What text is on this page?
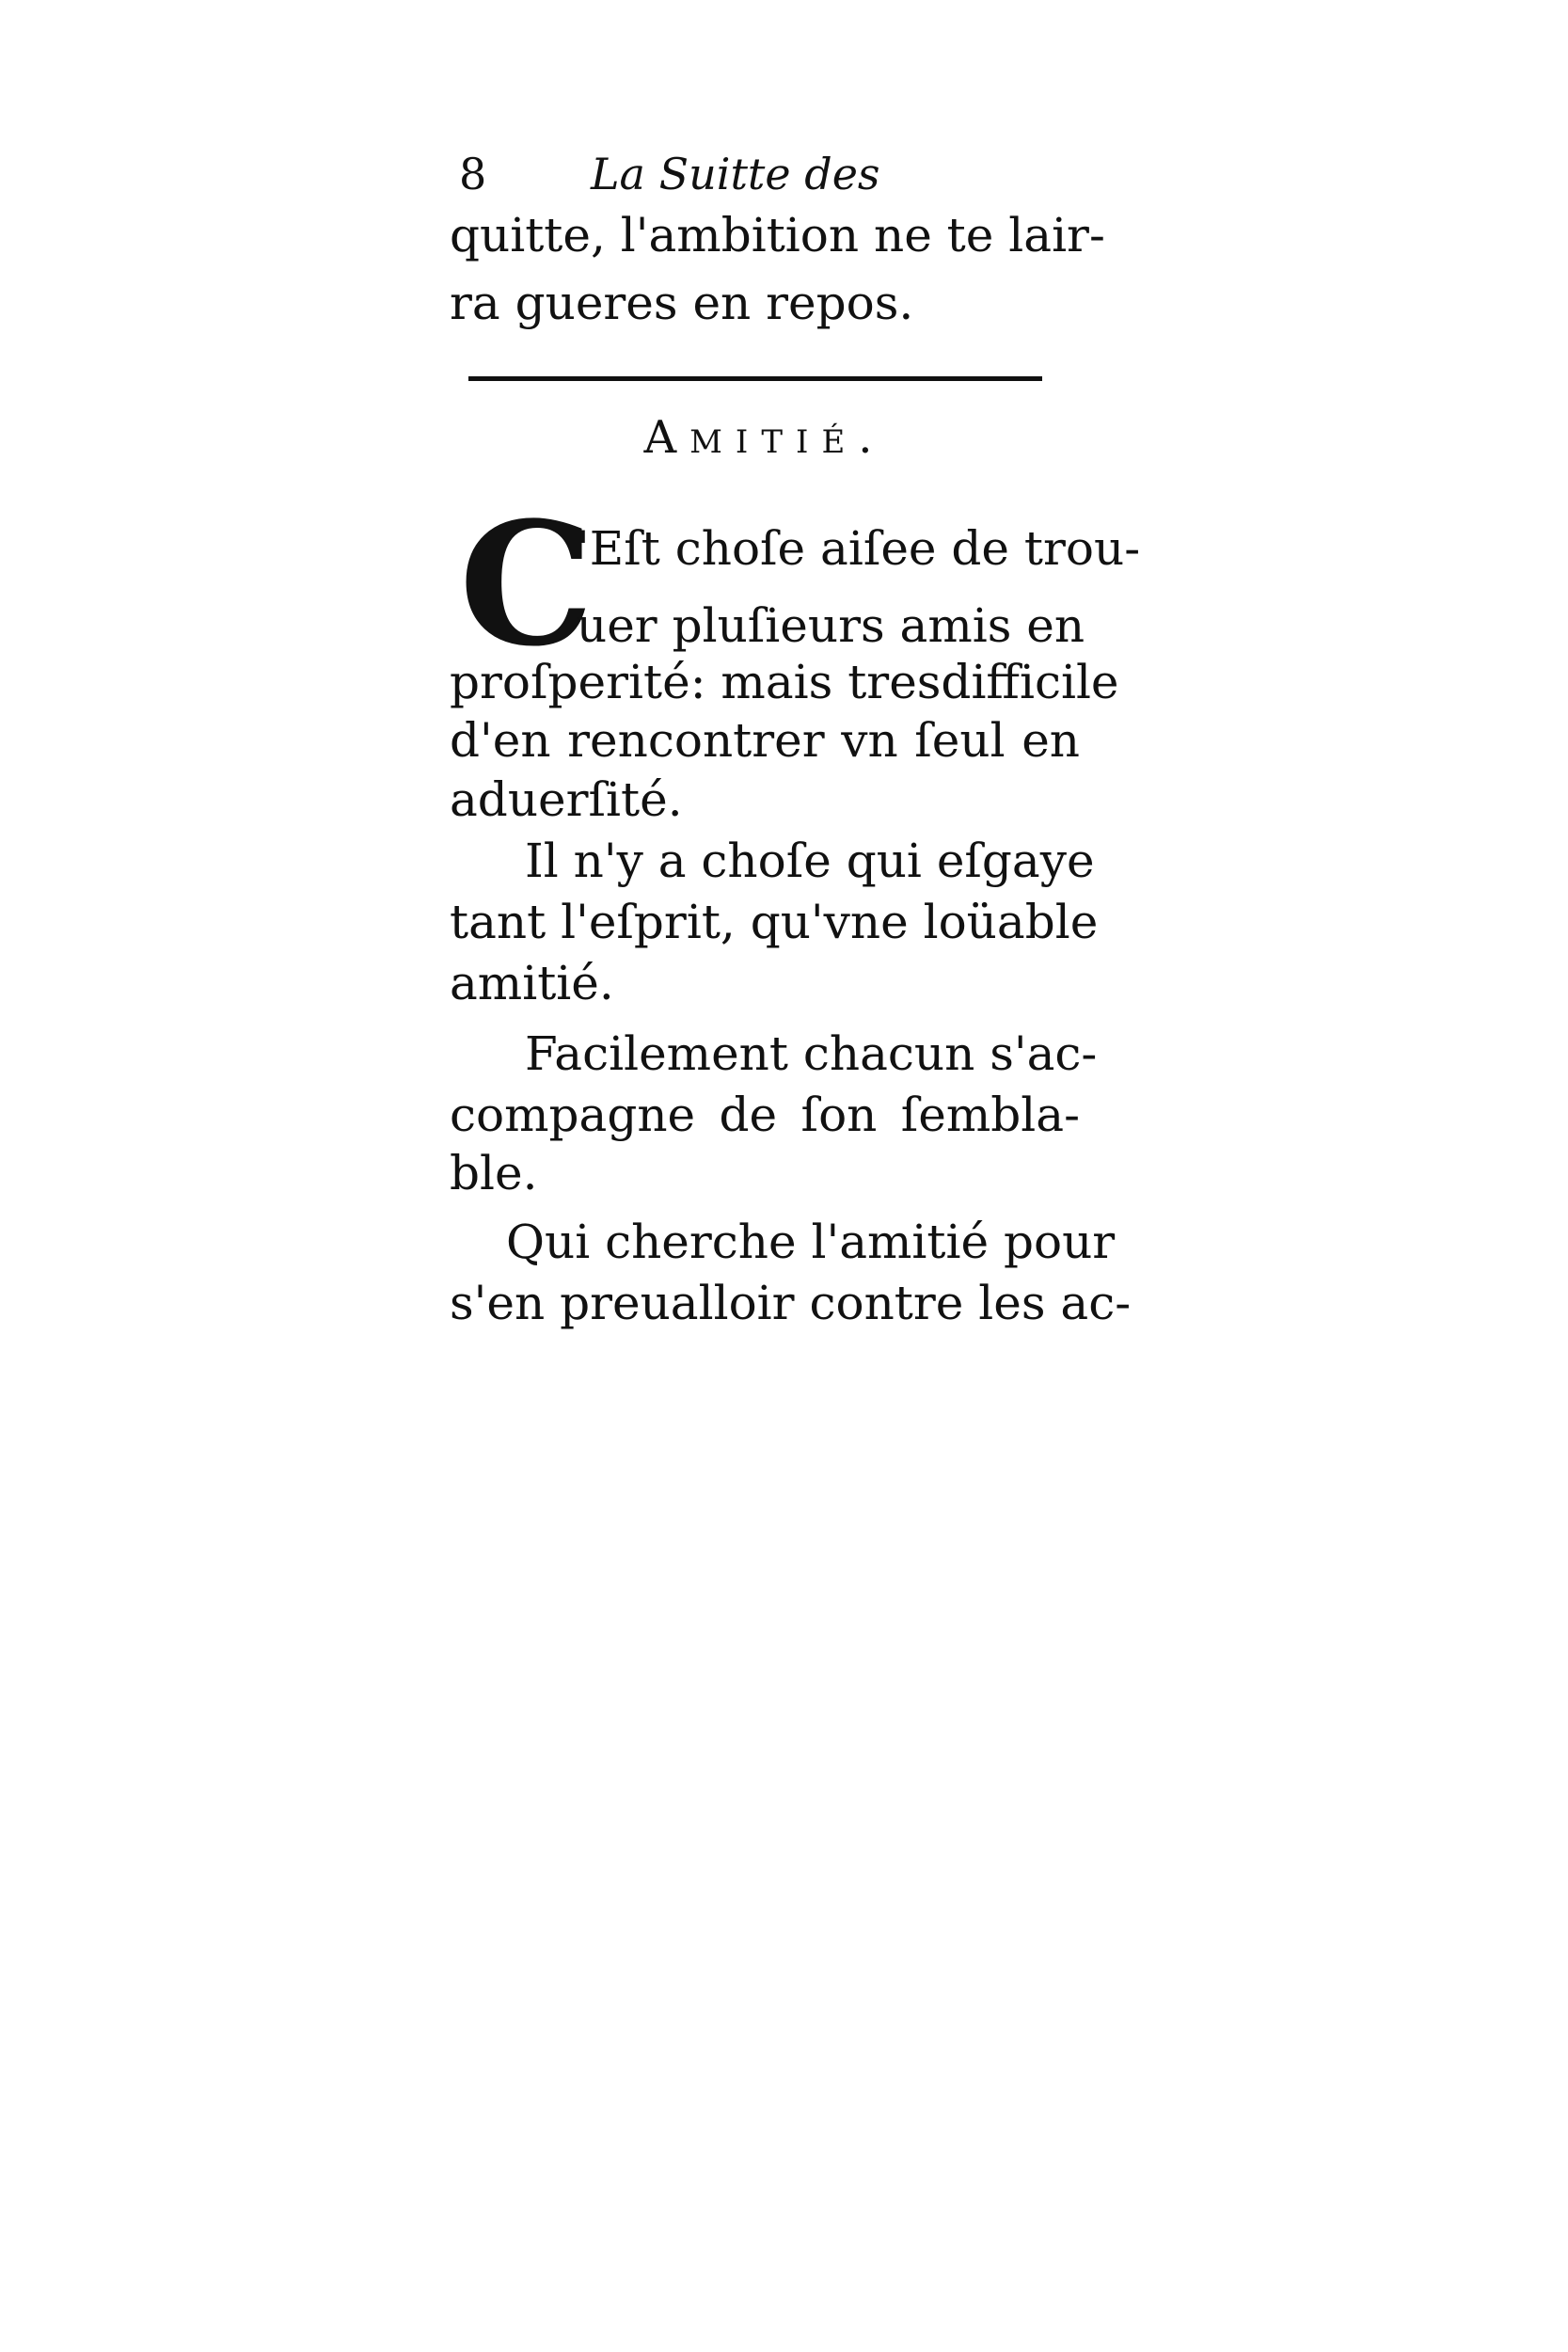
8 La Suitte des
quitte, l'ambition ne te lair-
ra gueres en repos.
Amitié.
C
'Eſt choſe aiſee de trou-
uer pluſieurs amis en
proſperité: mais tresdifficile
d'en rencontrer vn ſeul en
aduerſité.
Il n'y a choſe qui eſgaye
tant l'eſprit, qu'vne loüable
amitié.
Facilement chacun s'ac-
compagne de ſon ſembla-
ble.
Qui cherche l'amitié pour
s'en preualloir contre les ac-
